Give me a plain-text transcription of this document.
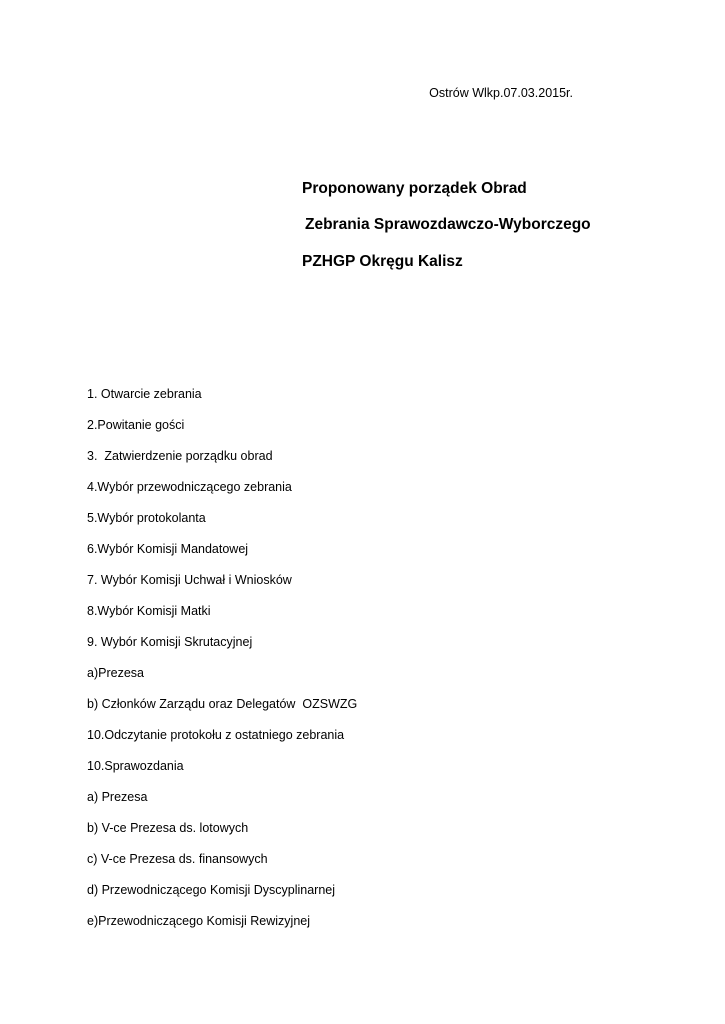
Ostrów Wlkp.07.03.2015r.
Proponowany porządek Obrad
Zebrania Sprawozdawczo-Wyborczego
PZHGP Okręgu Kalisz
1. Otwarcie zebrania
2.Powitanie gości
3.  Zatwierdzenie porządku obrad
4.Wybór przewodniczącego zebrania
5.Wybór protokolanta
6.Wybór Komisji Mandatowej
7. Wybór Komisji Uchwał i Wniosków
8.Wybór Komisji Matki
9. Wybór Komisji Skrutacyjnej
a)Prezesa
b) Członków Zarządu oraz Delegatów  OZSWZG
10.Odczytanie protokołu z ostatniego zebrania
10.Sprawozdania
a) Prezesa
b) V-ce Prezesa ds. lotowych
c) V-ce Prezesa ds. finansowych
d) Przewodniczącego Komisji Dyscyplinarnej
e)Przewodniczącego Komisji Rewizyjnej
